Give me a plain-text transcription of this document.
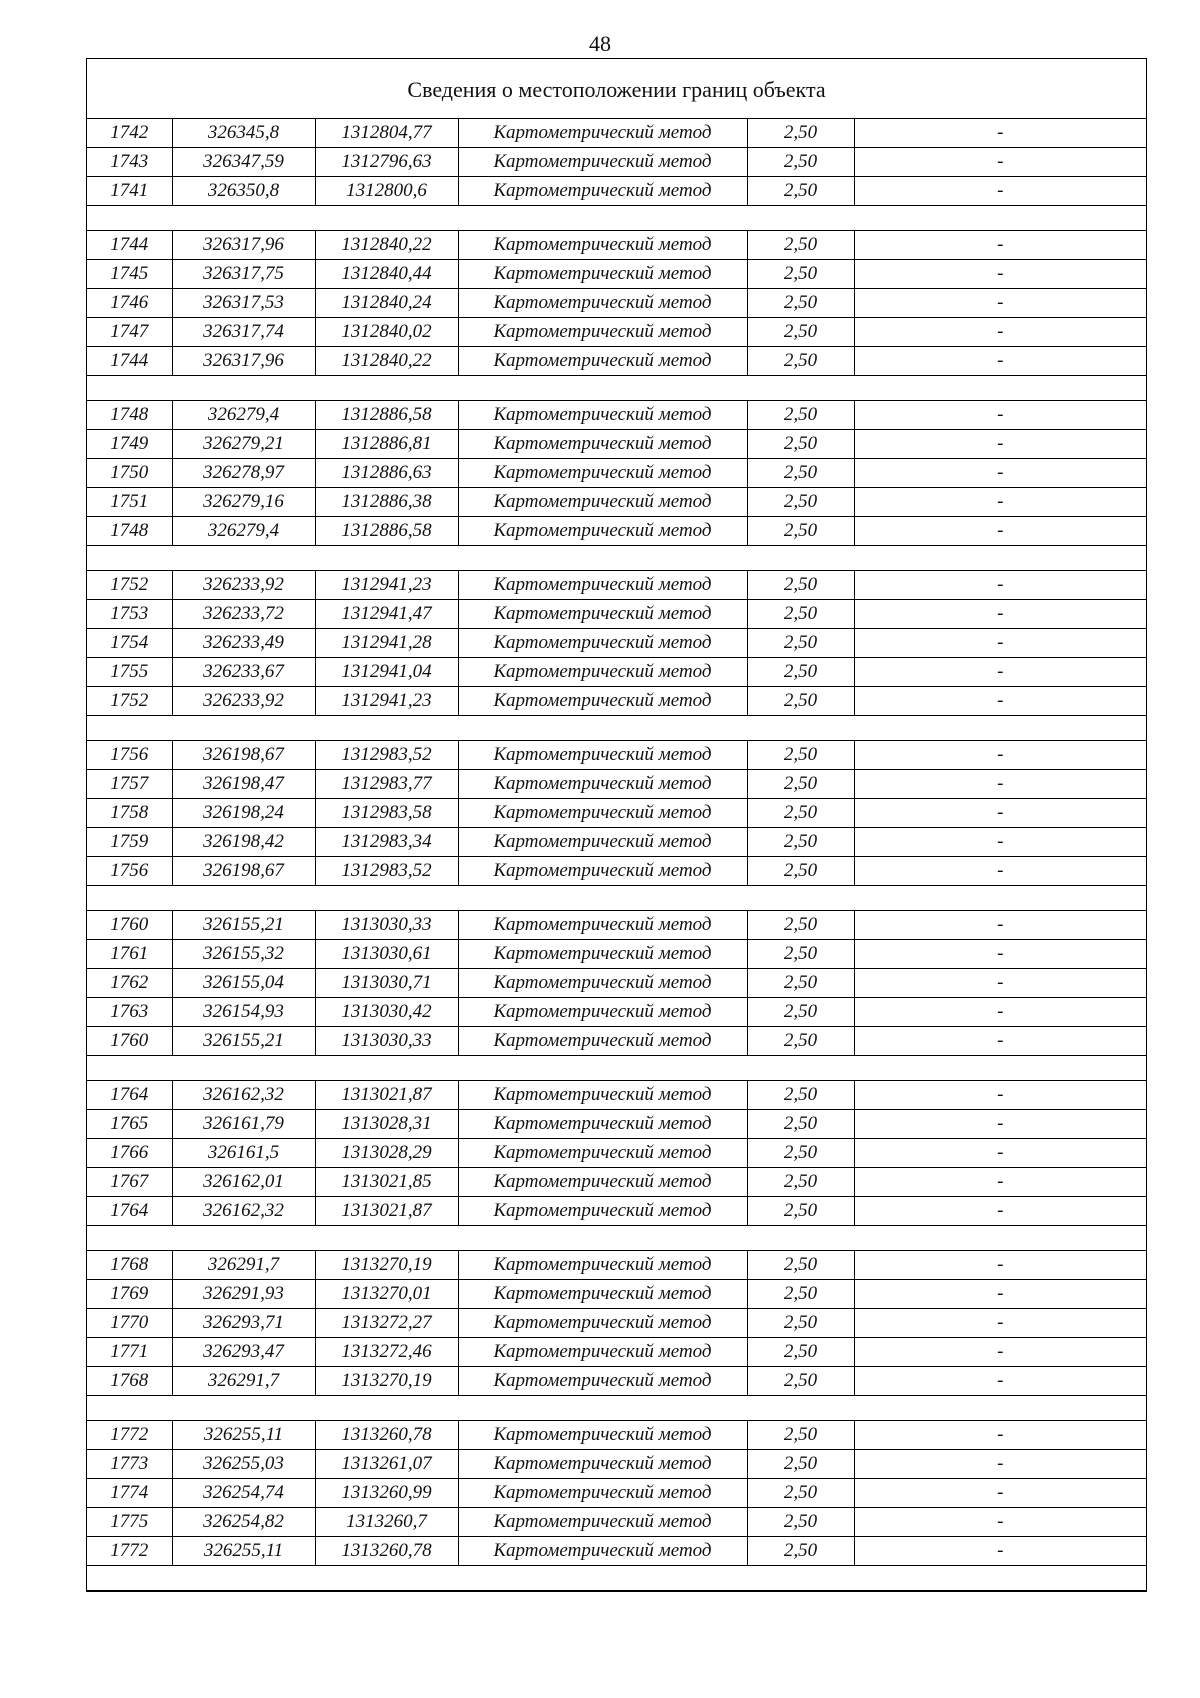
48
Сведения о местоположении границ объекта
1742	326345,8	1312804,77	Картометрический метод	2,50	-
1743	326347,59	1312796,63	Картометрический метод	2,50	-
1741	326350,8	1312800,6	Картометрический метод	2,50	-

1744	326317,96	1312840,22	Картометрический метод	2,50	-
1745	326317,75	1312840,44	Картометрический метод	2,50	-
1746	326317,53	1312840,24	Картометрический метод	2,50	-
1747	326317,74	1312840,02	Картометрический метод	2,50	-
1744	326317,96	1312840,22	Картометрический метод	2,50	-

1748	326279,4	1312886,58	Картометрический метод	2,50	-
1749	326279,21	1312886,81	Картометрический метод	2,50	-
1750	326278,97	1312886,63	Картометрический метод	2,50	-
1751	326279,16	1312886,38	Картометрический метод	2,50	-
1748	326279,4	1312886,58	Картометрический метод	2,50	-

1752	326233,92	1312941,23	Картометрический метод	2,50	-
1753	326233,72	1312941,47	Картометрический метод	2,50	-
1754	326233,49	1312941,28	Картометрический метод	2,50	-
1755	326233,67	1312941,04	Картометрический метод	2,50	-
1752	326233,92	1312941,23	Картометрический метод	2,50	-

1756	326198,67	1312983,52	Картометрический метод	2,50	-
1757	326198,47	1312983,77	Картометрический метод	2,50	-
1758	326198,24	1312983,58	Картометрический метод	2,50	-
1759	326198,42	1312983,34	Картометрический метод	2,50	-
1756	326198,67	1312983,52	Картометрический метод	2,50	-

1760	326155,21	1313030,33	Картометрический метод	2,50	-
1761	326155,32	1313030,61	Картометрический метод	2,50	-
1762	326155,04	1313030,71	Картометрический метод	2,50	-
1763	326154,93	1313030,42	Картометрический метод	2,50	-
1760	326155,21	1313030,33	Картометрический метод	2,50	-

1764	326162,32	1313021,87	Картометрический метод	2,50	-
1765	326161,79	1313028,31	Картометрический метод	2,50	-
1766	326161,5	1313028,29	Картометрический метод	2,50	-
1767	326162,01	1313021,85	Картометрический метод	2,50	-
1764	326162,32	1313021,87	Картометрический метод	2,50	-

1768	326291,7	1313270,19	Картометрический метод	2,50	-
1769	326291,93	1313270,01	Картометрический метод	2,50	-
1770	326293,71	1313272,27	Картометрический метод	2,50	-
1771	326293,47	1313272,46	Картометрический метод	2,50	-
1768	326291,7	1313270,19	Картометрический метод	2,50	-

1772	326255,11	1313260,78	Картометрический метод	2,50	-
1773	326255,03	1313261,07	Картометрический метод	2,50	-
1774	326254,74	1313260,99	Картометрический метод	2,50	-
1775	326254,82	1313260,7	Картометрический метод	2,50	-
1772	326255,11	1313260,78	Картометрический метод	2,50	-
